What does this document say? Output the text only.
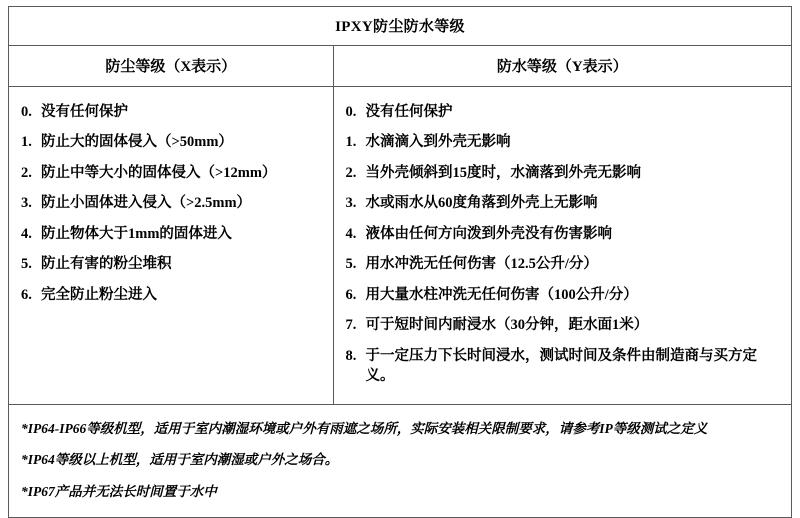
IPXY防尘防水等级
防尘等级（X表示）	防水等级（Y表示）
0. 没有任何保护
1. 防止大的固体侵入（>50mm）
2. 防止中等大小的固体侵入（>12mm）
3. 防止小固体进入侵入（>2.5mm）
4. 防止物体大于1mm的固体进入
5. 防止有害的粉尘堆积
6. 完全防止粉尘进入
0. 没有任何保护
1. 水滴滴入到外壳无影响
2. 当外壳倾斜到15度时，水滴落到外壳无影响
3. 水或雨水从60度角落到外壳上无影响
4. 液体由任何方向泼到外壳没有伤害影响
5. 用水冲洗无任何伤害（12.5公升/分）
6. 用大量水柱冲洗无任何伤害（100公升/分）
7. 可于短时间内耐浸水（30分钟，距水面1米）
8. 于一定压力下长时间浸水，测试时间及条件由制造商与买方定义。
*IP64-IP66等级机型，适用于室内潮湿环境或户外有雨遮之场所，实际安装相关限制要求，请参考IP等级测试之定义
*IP64等级以上机型，适用于室内潮湿或户外之场合。
*IP67产品并无法长时间置于水中
